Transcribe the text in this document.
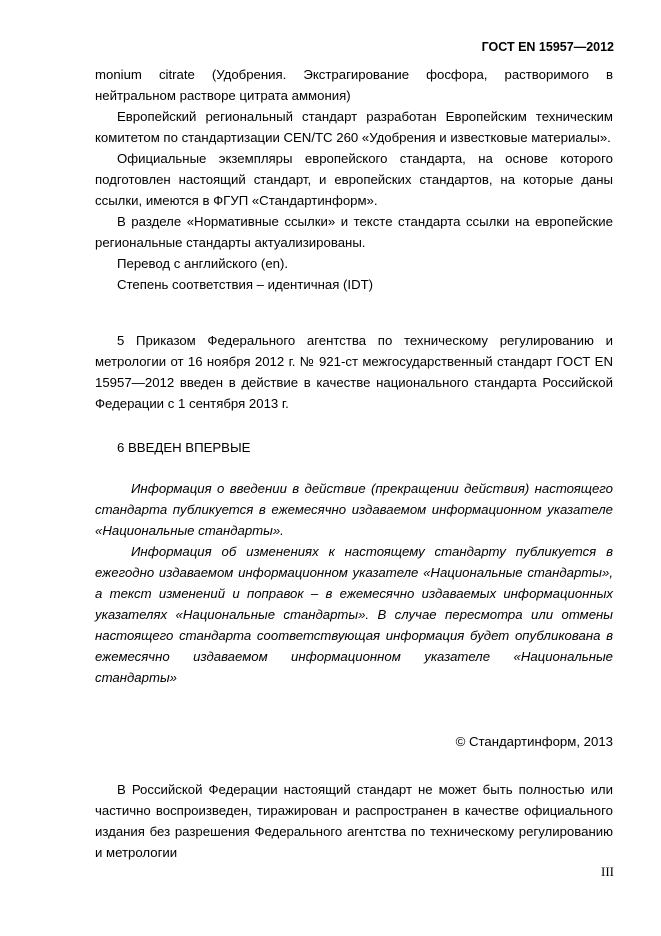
ГОСТ EN 15957—2012

monium citrate (Удобрения. Экстрагирование фосфора, растворимого в нейтральном растворе цитрата аммония)

Европейский региональный стандарт разработан Европейским техническим комитетом по стандартизации CEN/TC 260 «Удобрения и известковые материалы».

Официальные экземпляры европейского стандарта, на основе которого подготовлен настоящий стандарт, и европейских стандартов, на которые даны ссылки, имеются в ФГУП «Стандартинформ».

В разделе «Нормативные ссылки» и тексте стандарта ссылки на европейские региональные стандарты актуализированы.

Перевод с английского (en).

Степень соответствия – идентичная (IDT)

5 Приказом Федерального агентства по техническому регулированию и метрологии от 16 ноября 2012 г. № 921-ст межгосударственный стандарт ГОСТ EN 15957—2012 введен в действие в качестве национального стандарта Российской Федерации с 1 сентября 2013 г.

6 ВВЕДЕН ВПЕРВЫЕ

Информация о введении в действие (прекращении действия) настоящего стандарта публикуется в ежемесячно издаваемом информационном указателе «Национальные стандарты».

Информация об изменениях к настоящему стандарту публикуется в ежегодно издаваемом информационном указателе «Национальные стандарты», а текст изменений и поправок – в ежемесячно издаваемых информационных указателях «Национальные стандарты». В случае пересмотра или отмены настоящего стандарта соответствующая информация будет опубликована в ежемесячно издаваемом информационном указателе «Национальные стандарты»

© Стандартинформ, 2013

В Российской Федерации настоящий стандарт не может быть полностью или частично воспроизведен, тиражирован и распространен в качестве официального издания без разрешения Федерального агентства по техническому регулированию и метрологии

III
